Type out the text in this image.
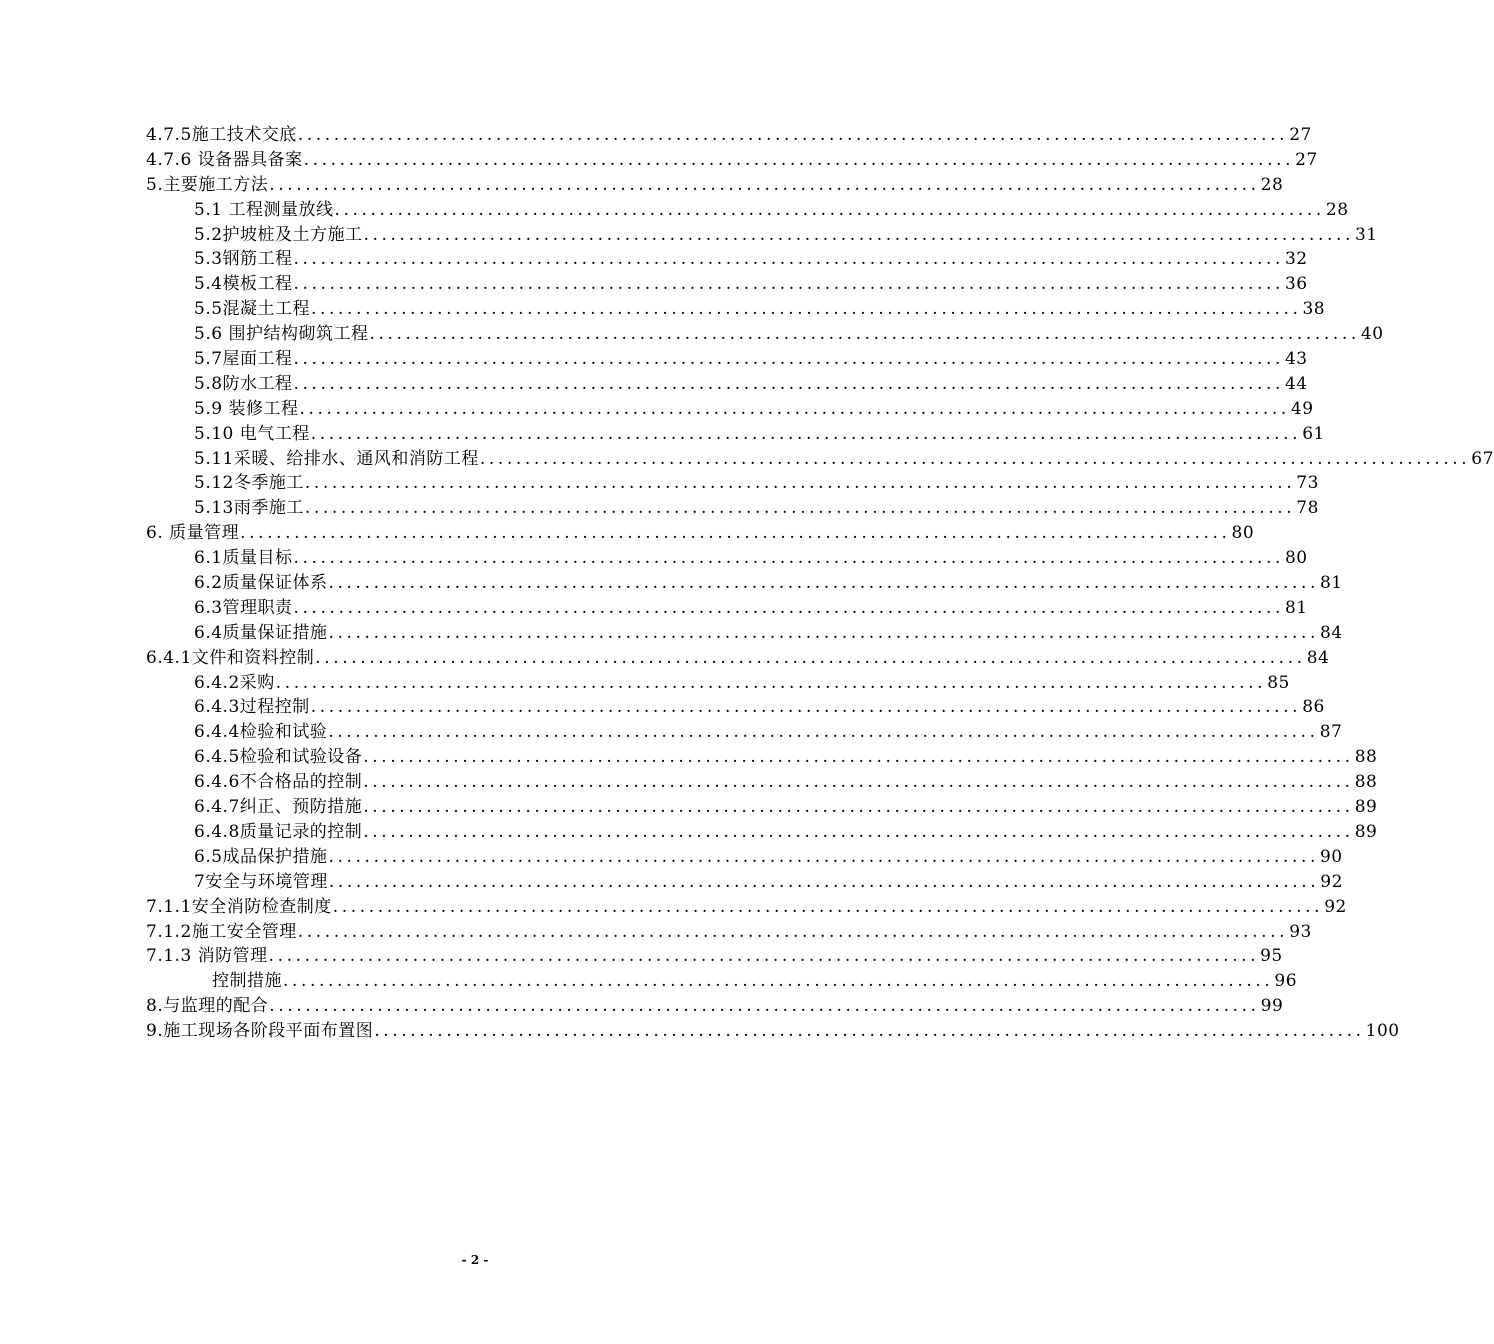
4.7.5施工技术交底 .............................................................................................................. 27
4.7.6 设备器具备案 .............................................................................................................. 27
5.主要施工方法 .............................................................................................................. 28
5.1 工程测量放线 .............................................................................................................. 28
5.2护坡桩及土方施工 .............................................................................................................. 31
5.3钢筋工程 .............................................................................................................. 32
5.4模板工程 .............................................................................................................. 36
5.5混凝土工程 .............................................................................................................. 38
5.6 围护结构砌筑工程 .............................................................................................................. 40
5.7屋面工程 .............................................................................................................. 43
5.8防水工程 .............................................................................................................. 44
5.9 装修工程 .............................................................................................................. 49
5.10 电气工程 .............................................................................................................. 61
5.11采暖、给排水、通风和消防工程 .............................................................................................................. 67
5.12冬季施工 .............................................................................................................. 73
5.13雨季施工 .............................................................................................................. 78
6. 质量管理 .............................................................................................................. 80
6.1质量目标 .............................................................................................................. 80
6.2质量保证体系 .............................................................................................................. 81
6.3管理职责 .............................................................................................................. 81
6.4质量保证措施 .............................................................................................................. 84
6.4.1文件和资料控制 .............................................................................................................. 84
6.4.2采购 .............................................................................................................. 85
6.4.3过程控制 .............................................................................................................. 86
6.4.4检验和试验 .............................................................................................................. 87
6.4.5检验和试验设备 .............................................................................................................. 88
6.4.6不合格品的控制 .............................................................................................................. 88
6.4.7纠正、预防措施 .............................................................................................................. 89
6.4.8质量记录的控制 .............................................................................................................. 89
6.5成品保护措施 .............................................................................................................. 90
7安全与环境管理 .............................................................................................................. 92
7.1.1安全消防检查制度 .............................................................................................................. 92
7.1.2施工安全管理 .............................................................................................................. 93
7.1.3 消防管理 .............................................................................................................. 95
控制措施 .............................................................................................................. 96
8.与监理的配合 .............................................................................................................. 99
9.施工现场各阶段平面布置图 .............................................................................................................. 100
- 2 -
